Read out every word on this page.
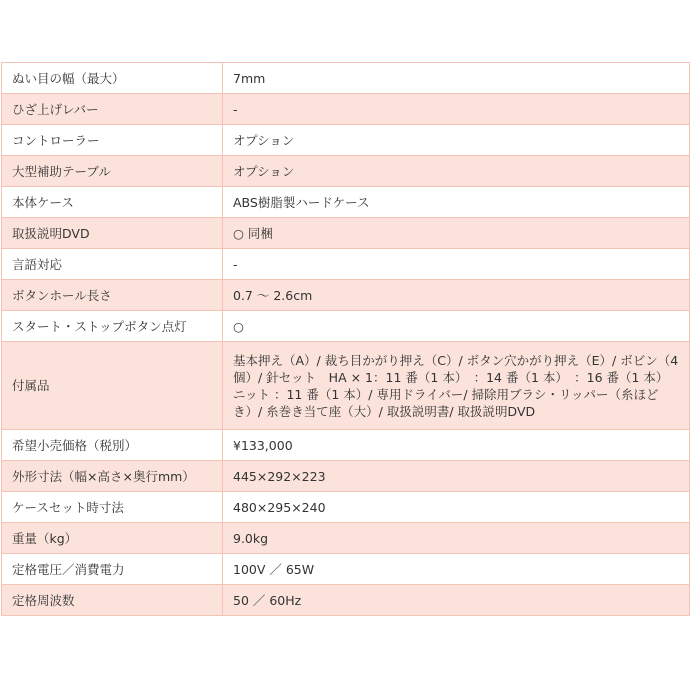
ぬい目の幅（最大）	7mm
ひざ上げレバー	-
コントローラー	オプション
大型補助テーブル	オプション
本体ケース	ABS樹脂製ハードケース
取扱説明DVD	○ 同梱
言語対応	-
ボタンホール長さ	0.7 ～ 2.6cm
スタート・ストップボタン点灯	○
付属品	基本押え（A）/ 裁ち目かがり押え（C）/ ボタン穴かがり押え（E）/ ボビン（4個）/ 針セット　HA × 1：11 番（1 本）　：14 番（1 本）　：16 番（1 本）　ニット ：11 番（1 本）/ 専用ドライバー/ 掃除用ブラシ・リッパー（糸ほどき）/ 糸巻き当て座（大）/ 取扱説明書/ 取扱説明DVD
希望小売価格（税別）	¥133,000
外形寸法（幅×高さ×奥行mm）	445×292×223
ケースセット時寸法	480×295×240
重量（kg）	9.0kg
定格電圧／消費電力	100V ／ 65W
定格周波数	50 ／ 60Hz
